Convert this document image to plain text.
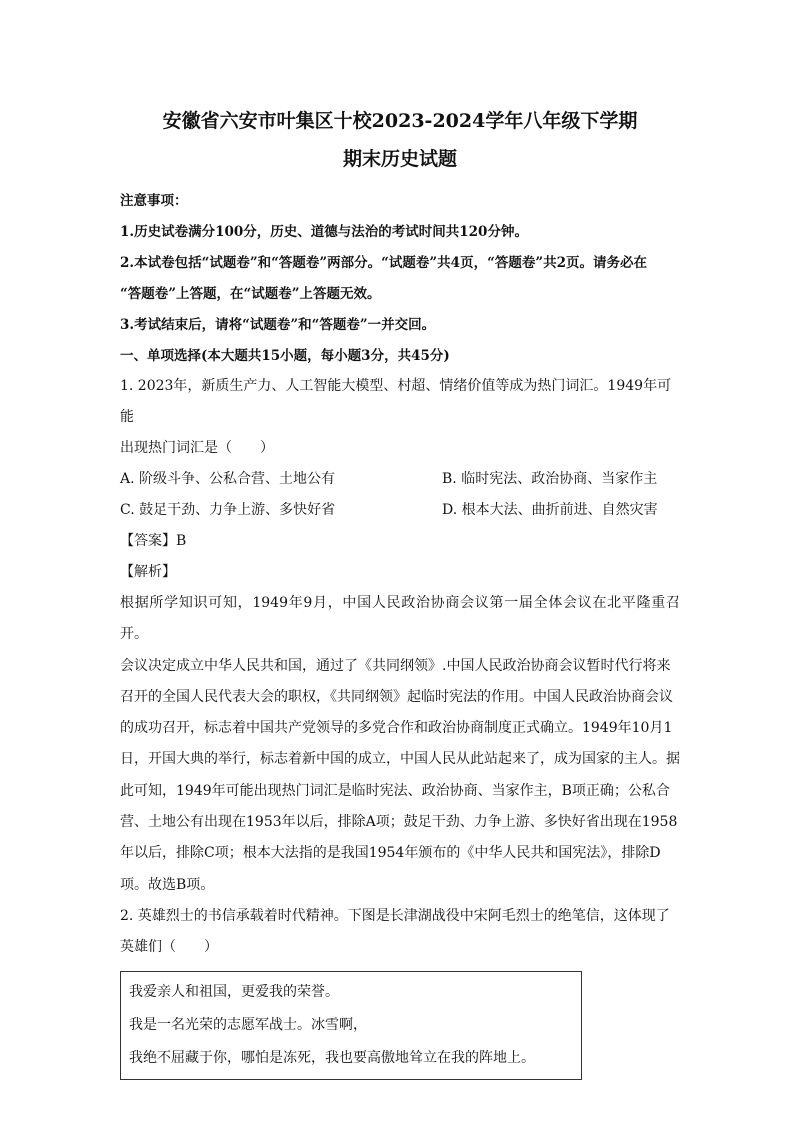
安徽省六安市叶集区十校2023-2024学年八年级下学期

期末历史试题

注意事项：

1.历史试卷满分100分，历史、道德与法治的考试时间共120分钟。

2.本试卷包括“试题卷”和“答题卷”两部分。“试题卷”共4页，“答题卷”共2页。请务必在

“答题卷”上答题，在“试题卷”上答题无效。

3.考试结束后，请将“试题卷”和“答题卷”一并交回。

一、单项选择(本大题共15小题，每小题3分，共45分)

1. 2023年，新质生产力、人工智能大模型、村超、情绪价值等成为热门词汇。1949年可能

出现热门词汇是（　　）

A. 阶级斗争、公私合营、土地公有	B. 临时宪法、政治协商、当家作主
C. 鼓足干劲、力争上游、多快好省	D. 根本大法、曲折前进、自然灾害

【答案】B

【解析】

根据所学知识可知，1949年9月，中国人民政治协商会议第一届全体会议在北平隆重召开。

会议决定成立中华人民共和国，通过了《共同纲领》.中国人民政治协商会议暂时代行将来

召开的全国人民代表大会的职权，《共同纲领》起临时宪法的作用。中国人民政治协商会议

的成功召开，标志着中国共产党领导的多党合作和政治协商制度正式确立。1949年10月1

日，开国大典的举行，标志着新中国的成立，中国人民从此站起来了，成为国家的主人。据

此可知，1949年可能出现热门词汇是临时宪法、政治协商、当家作主，B项正确；公私合

营、土地公有出现在1953年以后，排除A项；鼓足干劲、力争上游、多快好省出现在1958

年以后，排除C项；根本大法指的是我国1954年颁布的《中华人民共和国宪法》，排除D

项。故选B项。

2. 英雄烈士的书信承载着时代精神。下图是长津湖战役中宋阿毛烈士的绝笔信，这体现了

英雄们（　　）

我爱亲人和祖国，更爱我的荣誉。
我是一名光荣的志愿军战士。冰雪啊，
我绝不屈藏于你，哪怕是冻死，我也要高傲地耸立在我的阵地上。
